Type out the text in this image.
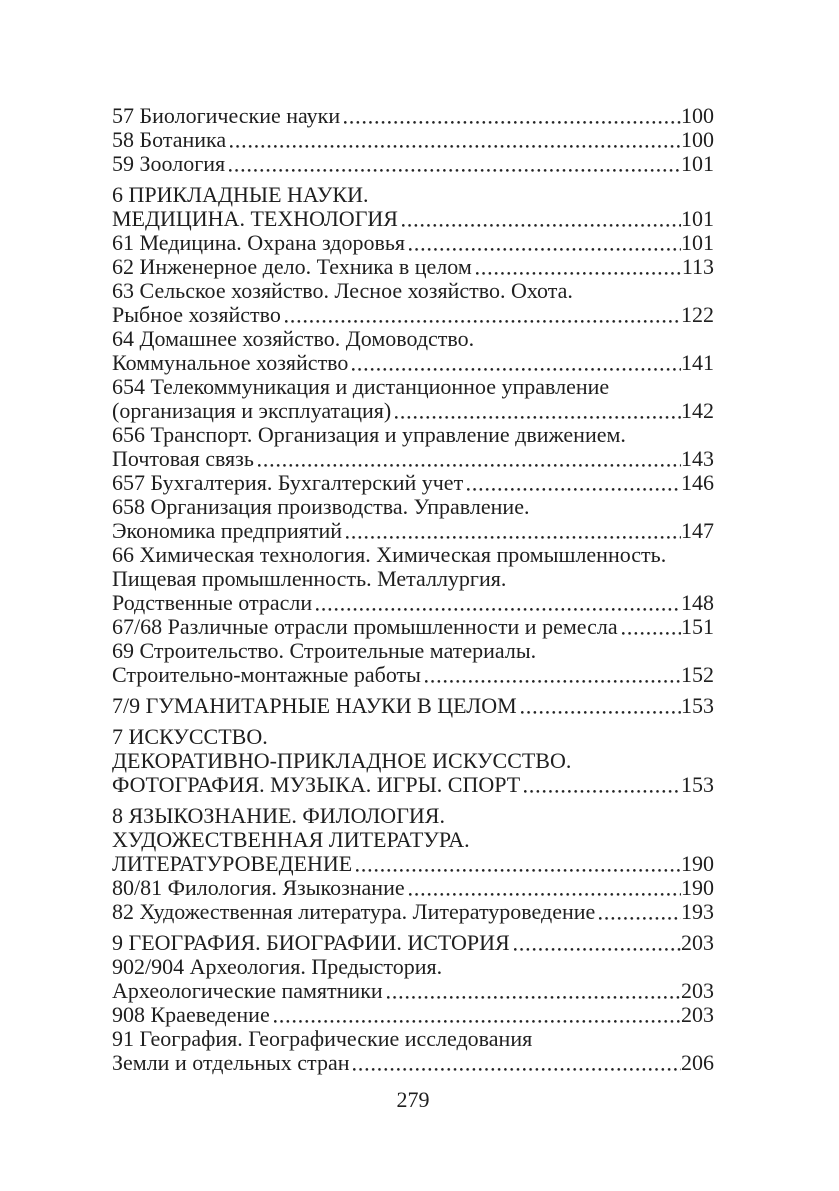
57 Биологические науки	100
58 Ботаника	100
59 Зоология	101
6 ПРИКЛАДНЫЕ НАУКИ.
МЕДИЦИНА. ТЕХНОЛОГИЯ	101
61 Медицина. Охрана здоровья	101
62 Инженерное дело. Техника в целом	113
63 Сельское хозяйство. Лесное хозяйство. Охота.
Рыбное хозяйство	122
64 Домашнее хозяйство. Домоводство.
Коммунальное хозяйство	141
654 Телекоммуникация и дистанционное управление
(организация и эксплуатация)	142
656 Транспорт. Организация и управление движением.
Почтовая связь	143
657 Бухгалтерия. Бухгалтерский учет	146
658 Организация производства. Управление.
Экономика предприятий	147
66 Химическая технология. Химическая промышленность.
Пищевая промышленность. Металлургия.
Родственные отрасли	148
67/68 Различные отрасли промышленности и ремесла	151
69 Строительство. Строительные материалы.
Строительно-монтажные работы	152
7/9 ГУМАНИТАРНЫЕ НАУКИ В ЦЕЛОМ	153
7 ИСКУССТВО.
ДЕКОРАТИВНО-ПРИКЛАДНОЕ ИСКУССТВО.
ФОТОГРАФИЯ. МУЗЫКА. ИГРЫ. СПОРТ	153
8 ЯЗЫКОЗНАНИЕ. ФИЛОЛОГИЯ.
ХУДОЖЕСТВЕННАЯ ЛИТЕРАТУРА.
ЛИТЕРАТУРОВЕДЕНИЕ	190
80/81 Филология. Языкознание	190
82 Художественная литература. Литературоведение	193
9 ГЕОГРАФИЯ. БИОГРАФИИ. ИСТОРИЯ	203
902/904 Археология. Предыстория.
Археологические памятники	203
908 Краеведение	203
91 География. Географические исследования
Земли и отдельных стран	206
279
